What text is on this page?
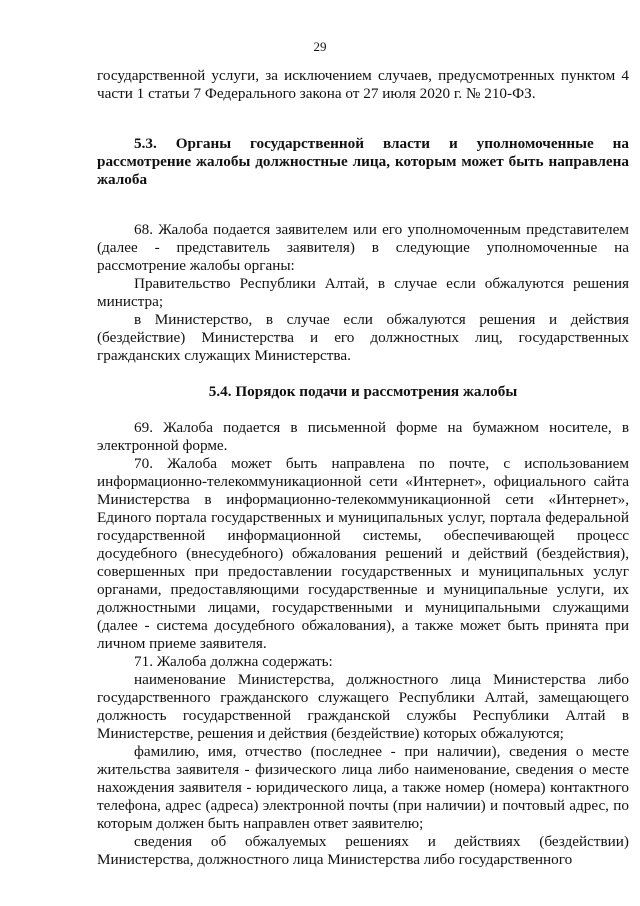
29

государственной услуги, за исключением случаев, предусмотренных пунктом 4 части 1 статьи 7 Федерального закона от 27 июля 2020 г. № 210-ФЗ.

5.3. Органы государственной власти и уполномоченные на рассмотрение жалобы должностные лица, которым может быть направлена жалоба

68. Жалоба подается заявителем или его уполномоченным представителем (далее - представитель заявителя) в следующие уполномоченные на рассмотрение жалобы органы:

Правительство Республики Алтай, в случае если обжалуются решения министра;

в Министерство, в случае если обжалуются решения и действия (бездействие) Министерства и его должностных лиц, государственных гражданских служащих Министерства.

5.4. Порядок подачи и рассмотрения жалобы

69. Жалоба подается в письменной форме на бумажном носителе, в электронной форме.

70. Жалоба может быть направлена по почте, с использованием информационно-телекоммуникационной сети «Интернет», официального сайта Министерства в информационно-телекоммуникационной сети «Интернет», Единого портала государственных и муниципальных услуг, портала федеральной государственной информационной системы, обеспечивающей процесс досудебного (внесудебного) обжалования решений и действий (бездействия), совершенных при предоставлении государственных и муниципальных услуг органами, предоставляющими государственные и муниципальные услуги, их должностными лицами, государственными и муниципальными служащими (далее - система досудебного обжалования), а также может быть принята при личном приеме заявителя.

71. Жалоба должна содержать:

наименование Министерства, должностного лица Министерства либо государственного гражданского служащего Республики Алтай, замещающего должность государственной гражданской службы Республики Алтай в Министерстве, решения и действия (бездействие) которых обжалуются;

фамилию, имя, отчество (последнее - при наличии), сведения о месте жительства заявителя - физического лица либо наименование, сведения о месте нахождения заявителя - юридического лица, а также номер (номера) контактного телефона, адрес (адреса) электронной почты (при наличии) и почтовый адрес, по которым должен быть направлен ответ заявителю;

сведения об обжалуемых решениях и действиях (бездействии) Министерства, должностного лица Министерства либо государственного
